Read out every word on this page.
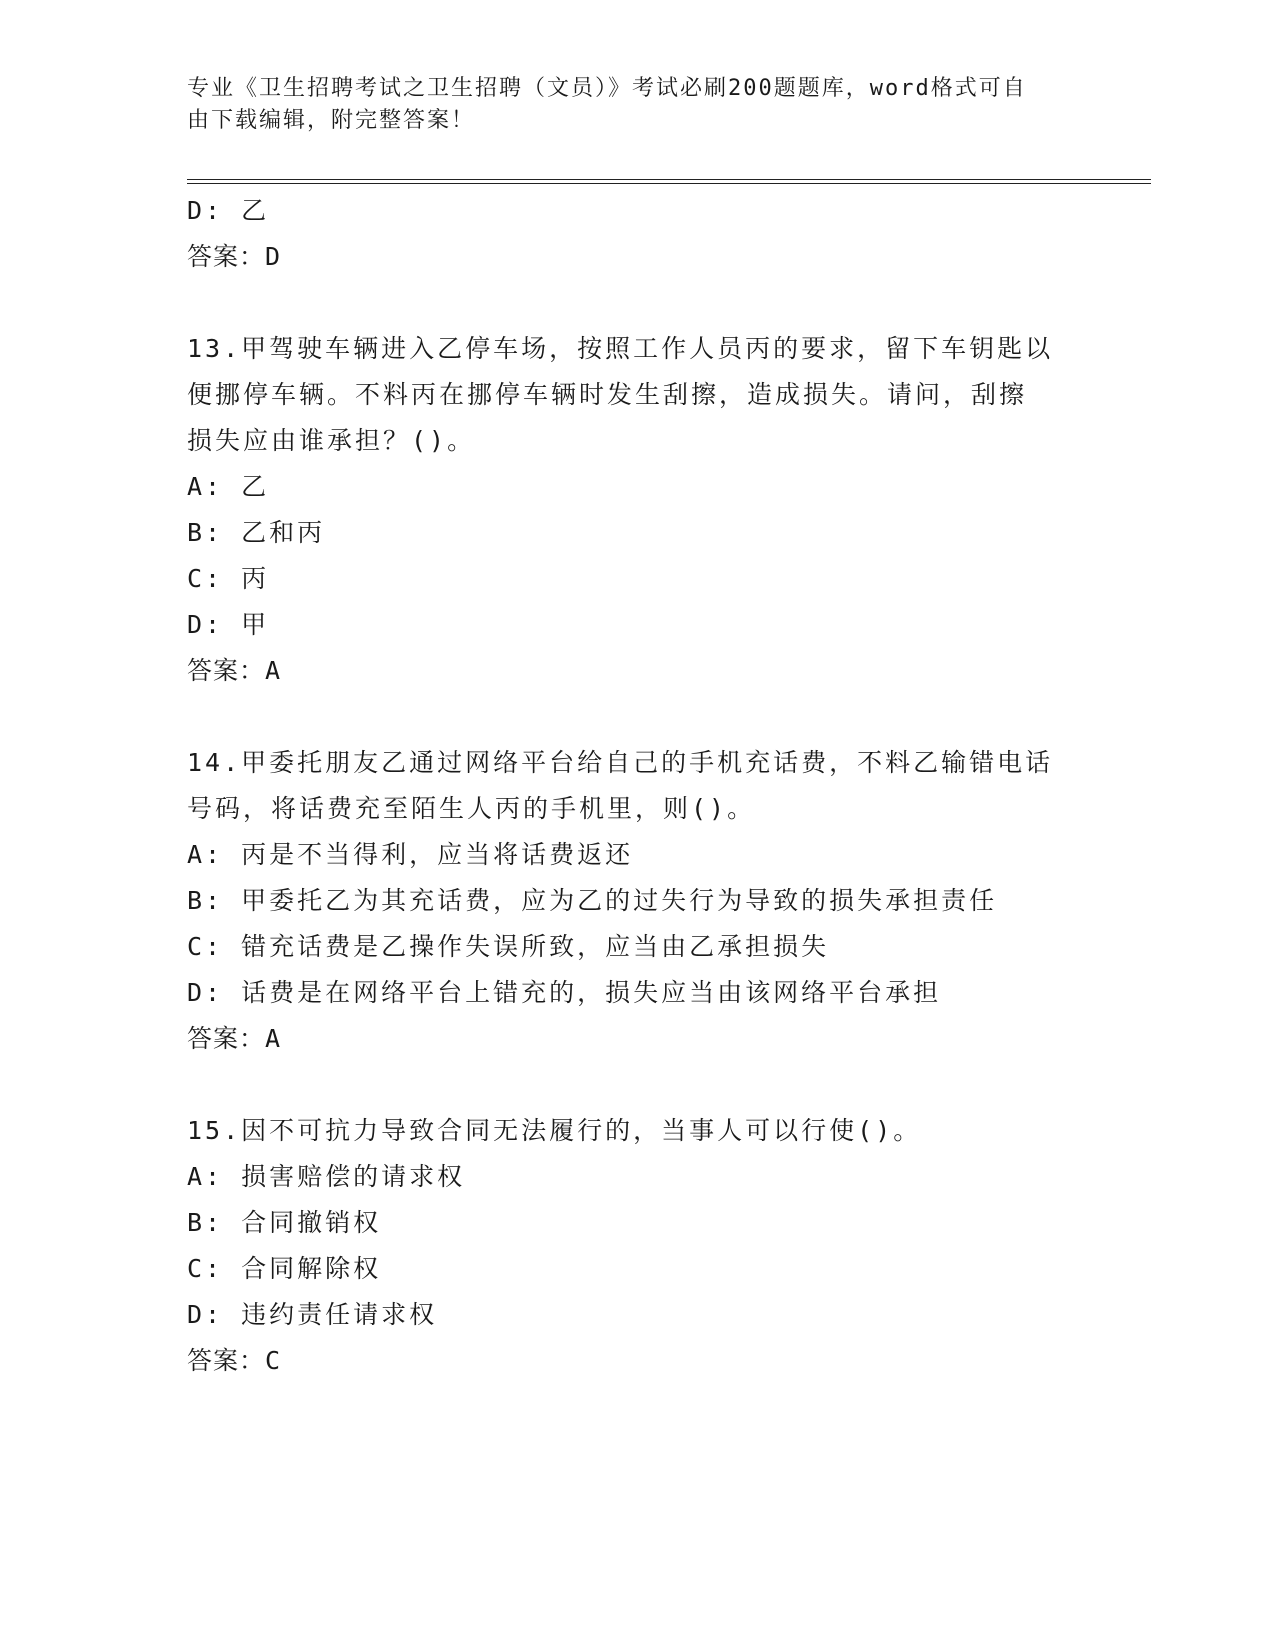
专业《卫生招聘考试之卫生招聘（文员）》考试必刷200题题库，word格式可自
由下载编辑，附完整答案！
D: 乙
答案：D
13.甲驾驶车辆进入乙停车场，按照工作人员丙的要求，留下车钥匙以
便挪停车辆。不料丙在挪停车辆时发生刮擦，造成损失。请问，刮擦
损失应由谁承担？()。
A: 乙
B: 乙和丙
C: 丙
D: 甲
答案：A
14.甲委托朋友乙通过网络平台给自己的手机充话费，不料乙输错电话
号码，将话费充至陌生人丙的手机里，则()。
A: 丙是不当得利，应当将话费返还
B: 甲委托乙为其充话费，应为乙的过失行为导致的损失承担责任
C: 错充话费是乙操作失误所致，应当由乙承担损失
D: 话费是在网络平台上错充的，损失应当由该网络平台承担
答案：A
15.因不可抗力导致合同无法履行的，当事人可以行使()。
A: 损害赔偿的请求权
B: 合同撤销权
C: 合同解除权
D: 违约责任请求权
答案：C
